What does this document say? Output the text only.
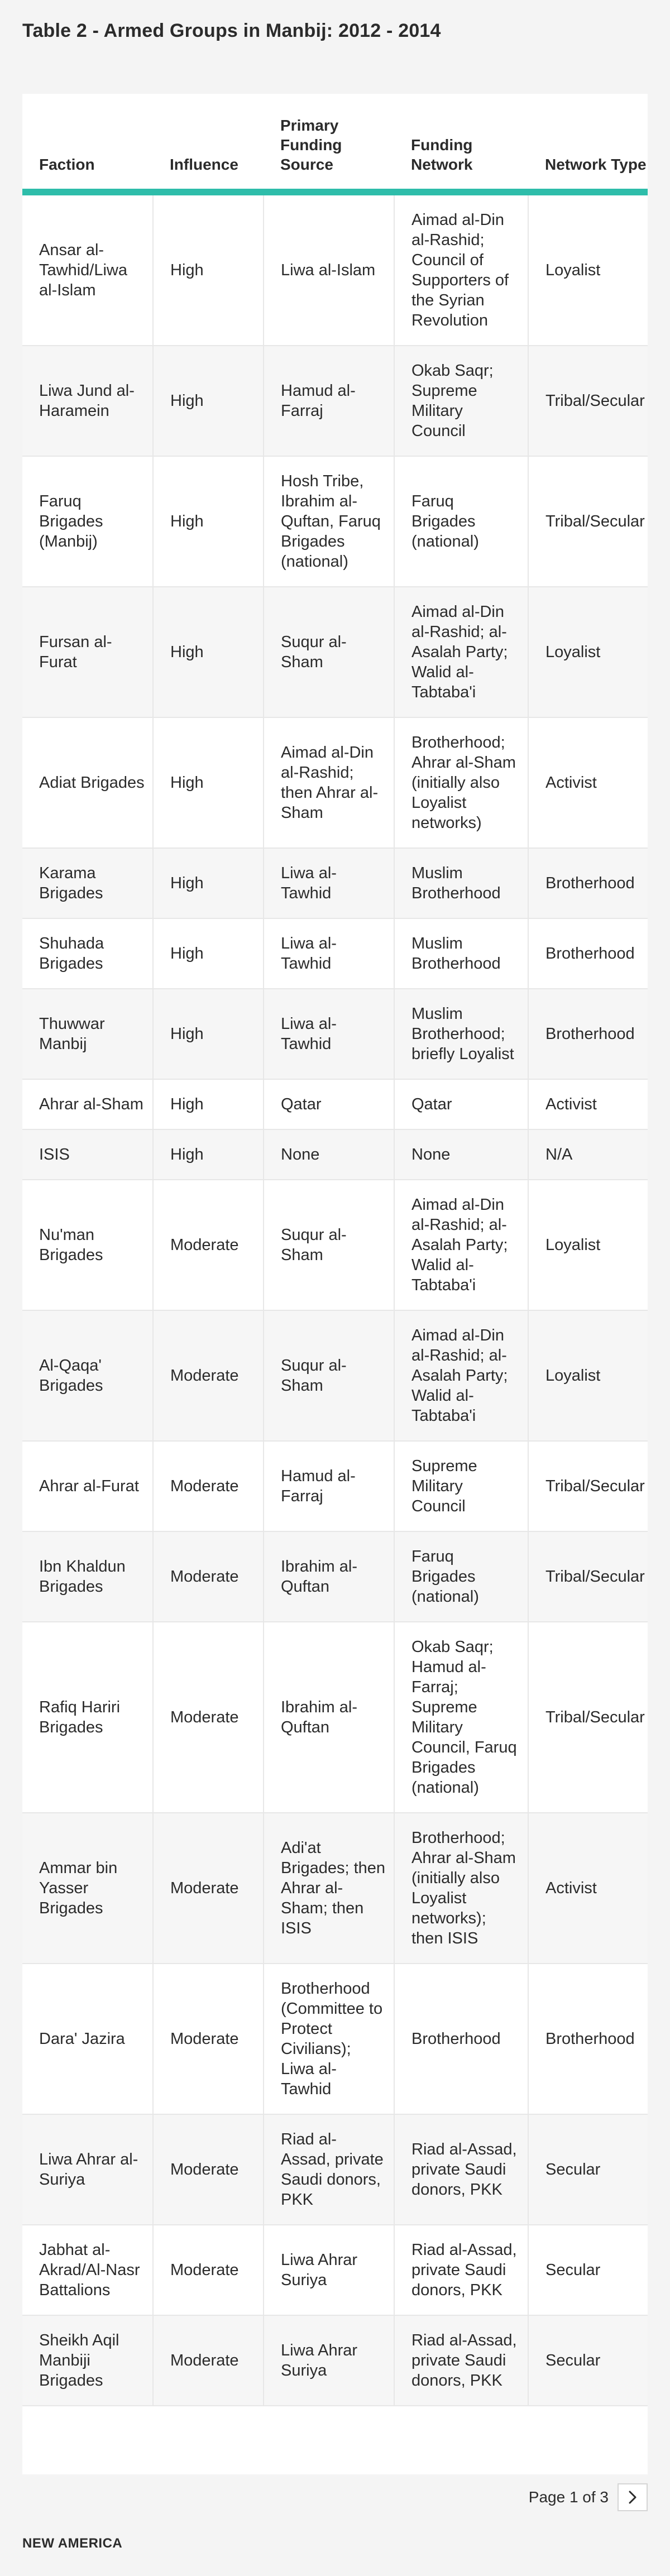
Table 2 - Armed Groups in Manbij: 2012 - 2014
Faction	Influence	Primary Funding Source	Funding Network	Network Type
Ansar al-Tawhid/Liwa al-Islam	High	Liwa al-Islam	Aimad al-Din al-Rashid; Council of Supporters of the Syrian Revolution	Loyalist
Liwa Jund al-Haramein	High	Hamud al-Farraj	Okab Saqr; Supreme Military Council	Tribal/Secular
Faruq Brigades (Manbij)	High	Hosh Tribe, Ibrahim al-Quftan, Faruq Brigades (national)	Faruq Brigades (national)	Tribal/Secular
Fursan al-Furat	High	Suqur al-Sham	Aimad al-Din al-Rashid; al-Asalah Party; Walid al-Tabtaba'i	Loyalist
Adiat Brigades	High	Aimad al-Din al-Rashid; then Ahrar al-Sham	Brotherhood; Ahrar al-Sham (initially also Loyalist networks)	Activist
Karama Brigades	High	Liwa al-Tawhid	Muslim Brotherhood	Brotherhood
Shuhada Brigades	High	Liwa al-Tawhid	Muslim Brotherhood	Brotherhood
Thuwwar Manbij	High	Liwa al-Tawhid	Muslim Brotherhood; briefly Loyalist	Brotherhood
Ahrar al-Sham	High	Qatar	Qatar	Activist
ISIS	High	None	None	N/A
Nu'man Brigades	Moderate	Suqur al-Sham	Aimad al-Din al-Rashid; al-Asalah Party; Walid al-Tabtaba'i	Loyalist
Al-Qaqa' Brigades	Moderate	Suqur al-Sham	Aimad al-Din al-Rashid; al-Asalah Party; Walid al-Tabtaba'i	Loyalist
Ahrar al-Furat	Moderate	Hamud al-Farraj	Supreme Military Council	Tribal/Secular
Ibn Khaldun Brigades	Moderate	Ibrahim al-Quftan	Faruq Brigades (national)	Tribal/Secular
Rafiq Hariri Brigades	Moderate	Ibrahim al-Quftan	Okab Saqr; Hamud al-Farraj; Supreme Military Council, Faruq Brigades (national)	Tribal/Secular
Ammar bin Yasser Brigades	Moderate	Adi'at Brigades; then Ahrar al-Sham; then ISIS	Brotherhood; Ahrar al-Sham (initially also Loyalist networks); then ISIS	Activist
Dara' Jazira	Moderate	Brotherhood (Committee to Protect Civilians); Liwa al-Tawhid	Brotherhood	Brotherhood
Liwa Ahrar al-Suriya	Moderate	Riad al-Assad, private Saudi donors, PKK	Riad al-Assad, private Saudi donors, PKK	Secular
Jabhat al-Akrad/Al-Nasr Battalions	Moderate	Liwa Ahrar Suriya	Riad al-Assad, private Saudi donors, PKK	Secular
Sheikh Aqil Manbiji Brigades	Moderate	Liwa Ahrar Suriya	Riad al-Assad, private Saudi donors, PKK	Secular
Page 1 of 3
NEW AMERICA
